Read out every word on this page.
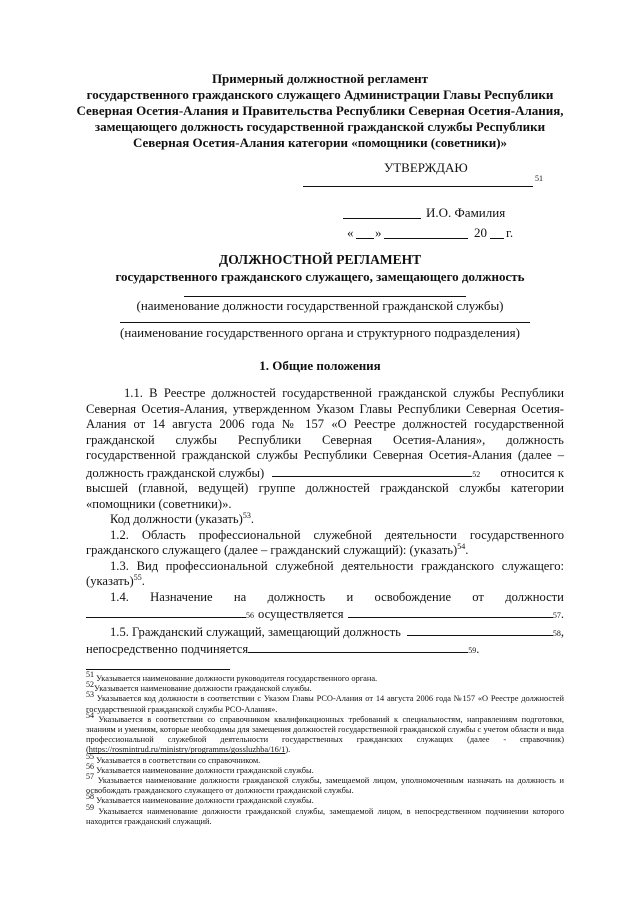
Примерный должностной регламент
государственного гражданского служащего Администрации Главы Республики
Северная Осетия-Алания и Правительства Республики Северная Осетия-Алания,
замещающего должность государственной гражданской службы Республики
Северная Осетия-Алания категории «помощники (советники)»
УТВЕРЖДАЮ
51
И.О. Фамилия
« »	20 г.
ДОЛЖНОСТНОЙ РЕГЛАМЕНТ
государственного гражданского служащего, замещающего должность
(наименование должности государственной гражданской службы)
(наименование государственного органа и структурного подразделения)
1. Общие положения
1.1. В Реестре должностей государственной гражданской службы Республики
Северная Осетия-Алания, утвержденном Указом Главы Республики Северная Осетия-
Алания от 14 августа 2006 года № 157 «О Реестре должностей государственной
гражданской службы Республики Северная Осетия-Алания», должность
государственной гражданской службы Республики Северная Осетия-Алания (далее –
должность гражданской службы)	52	относится к
высшей (главной, ведущей) группе должностей гражданской службы категории
«помощники (советники)».
Код должности (указать)$^{53}$.
1.2. Область профессиональной служебной деятельности государственного
гражданского служащего (далее – гражданский служащий): (указать)$^{54}$.
1.3. Вид профессиональной служебной деятельности гражданского служащего:
(указать)$^{55}$.
1.4. Назначение на должность и освобождение от должности
56 осуществляется	57 .
1.5. Гражданский служащий, замещающий должность	58 ,
непосредственно подчиняется	59 .
$^{51}$ Указывается наименование должности руководителя государственного органа.
$^{52}$Указывается наименование должности гражданской службы.
$^{53}$ Указывается код должности в соответствии с Указом Главы РСО-Алания от 14 августа 2006 года №157 «О Реестре должностей государственной гражданской службы РСО-Алания».
$^{54}$ Указывается в соответствии со справочником квалификационных требований к специальностям, направлениям подготовки, знаниям и умениям, которые необходимы для замещения должностей государственной гражданской службы с учетом области и вида профессиональной служебной деятельности государственных гражданских служащих (далее - справочник) (https://rosmintrud.ru/ministry/programms/gossluzhba/16/1).
$^{55}$ Указывается в соответствии со справочником.
$^{56}$ Указывается наименование должности гражданской службы.
$^{57}$ Указывается наименование должности гражданской службы, замещаемой лицом, уполномоченным назначать на должность и освобождать гражданского служащего от должности гражданской службы.
$^{58}$ Указывается наименование должности гражданской службы.
$^{59}$ Указывается наименование должности гражданской службы, замещаемой лицом, в непосредственном подчинении которого находится гражданский служащий.
